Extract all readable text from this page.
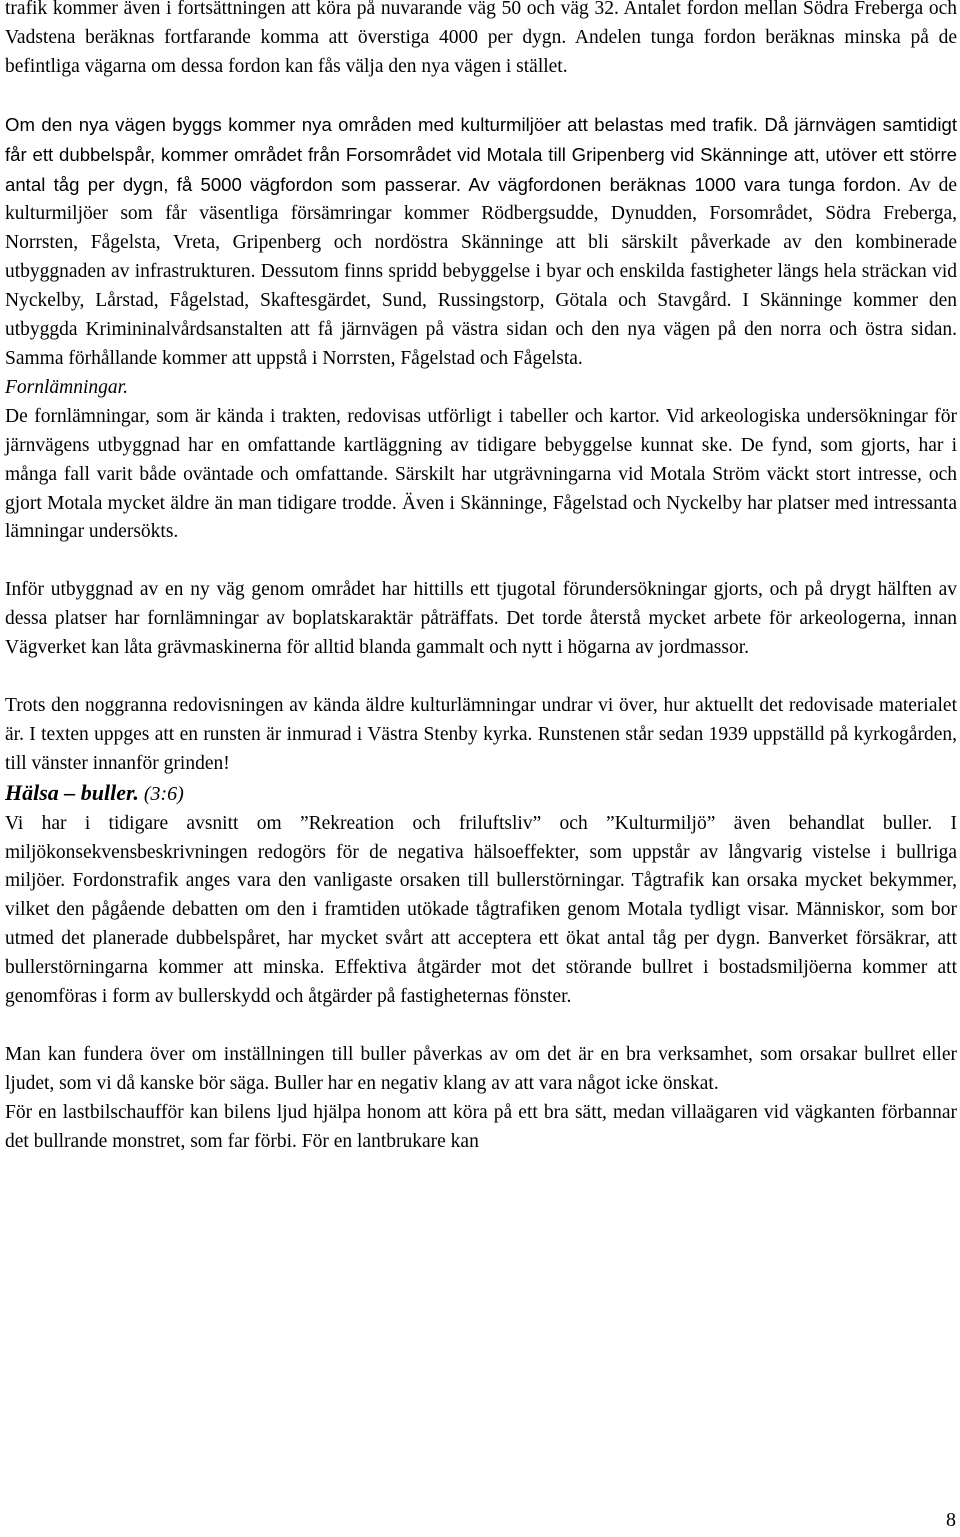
trafik kommer även i fortsättningen att köra på nuvarande väg 50 och väg 32. Antalet fordon mellan Södra Freberga och Vadstena beräknas fortfarande komma att överstiga 4000 per dygn. Andelen tunga fordon beräknas minska på de befintliga vägarna om dessa fordon kan fås välja den nya vägen i stället.

Om den nya vägen byggs kommer nya områden med kulturmiljöer att belastas med trafik. Då järnvägen samtidigt får ett dubbelspår, kommer området från Forsområdet vid Motala till Gripenberg vid Skänninge att, utöver ett större antal tåg per dygn, få 5000 vägfordon som passerar. Av vägfordonen beräknas 1000 vara tunga fordon. Av de kulturmiljöer som får väsentliga försämringar kommer Rödbergsudde, Dynudden, Forsområdet, Södra Freberga, Norrsten, Fågelsta, Vreta, Gripenberg och nordöstra Skänninge att bli särskilt påverkade av den kombinerade utbyggnaden av infrastrukturen. Dessutom finns spridd bebyggelse i byar och enskilda fastigheter längs hela sträckan vid Nyckelby, Lårstad, Fågelstad, Skaftesgärdet, Sund, Russingstorp, Götala och Stavgård. I Skänninge kommer den utbyggda Krimininalvårdsanstalten att få järnvägen på västra sidan och den nya vägen på den norra och östra sidan. Samma förhållande kommer att uppstå i Norrsten, Fågelstad och Fågelsta.

Fornlämningar.

De fornlämningar, som är kända i trakten, redovisas utförligt i tabeller och kartor. Vid arkeologiska undersökningar för järnvägens utbyggnad har en omfattande kartläggning av tidigare bebyggelse kunnat ske. De fynd, som gjorts, har i många fall varit både oväntade och omfattande. Särskilt har utgrävningarna vid Motala Ström väckt stort intresse, och gjort Motala mycket äldre än man tidigare trodde. Även i Skänninge, Fågelstad och Nyckelby har platser med intressanta lämningar undersökts.

Inför utbyggnad av en ny väg genom området har hittills ett tjugotal förundersökningar gjorts, och på drygt hälften av dessa platser har fornlämningar av boplatskaraktär påträffats. Det torde återstå mycket arbete för arkeologerna, innan Vägverket kan låta grävmaskinerna för alltid blanda gammalt och nytt i högarna av jordmassor.

Trots den noggranna redovisningen av kända äldre kulturlämningar undrar vi över, hur aktuellt det redovisade materialet är. I texten uppges att en runsten är inmurad i Västra Stenby kyrka. Runstenen står sedan 1939 uppställd på kyrkogården, till vänster innanför grinden!

Hälsa – buller. (3:6)

Vi har i tidigare avsnitt om ”Rekreation och friluftsliv” och ”Kulturmiljö” även behandlat buller. I miljökonsekvensbeskrivningen redogörs för de negativa hälsoeffekter, som uppstår av långvarig vistelse i bullriga miljöer. Fordonstrafik anges vara den vanligaste orsaken till bullerstörningar. Tågtrafik kan orsaka mycket bekymmer, vilket den pågående debatten om den i framtiden utökade tågtrafiken genom Motala tydligt visar. Människor, som bor utmed det planerade dubbelspåret, har mycket svårt att acceptera ett ökat antal tåg per dygn. Banverket försäkrar, att bullerstörningarna kommer att minska. Effektiva åtgärder mot det störande bullret i bostadsmiljöerna kommer att genomföras i form av bullerskydd och åtgärder på fastigheternas fönster.

Man kan fundera över om inställningen till buller påverkas av om det är en bra verksamhet, som orsakar bullret eller ljudet, som vi då kanske bör säga. Buller har en negativ klang av att vara något icke önskat.

För en lastbilschaufför kan bilens ljud hjälpa honom att köra på ett bra sätt, medan villaägaren vid vägkanten förbannar det bullrande monstret, som far förbi. För en lantbrukare kan

8
